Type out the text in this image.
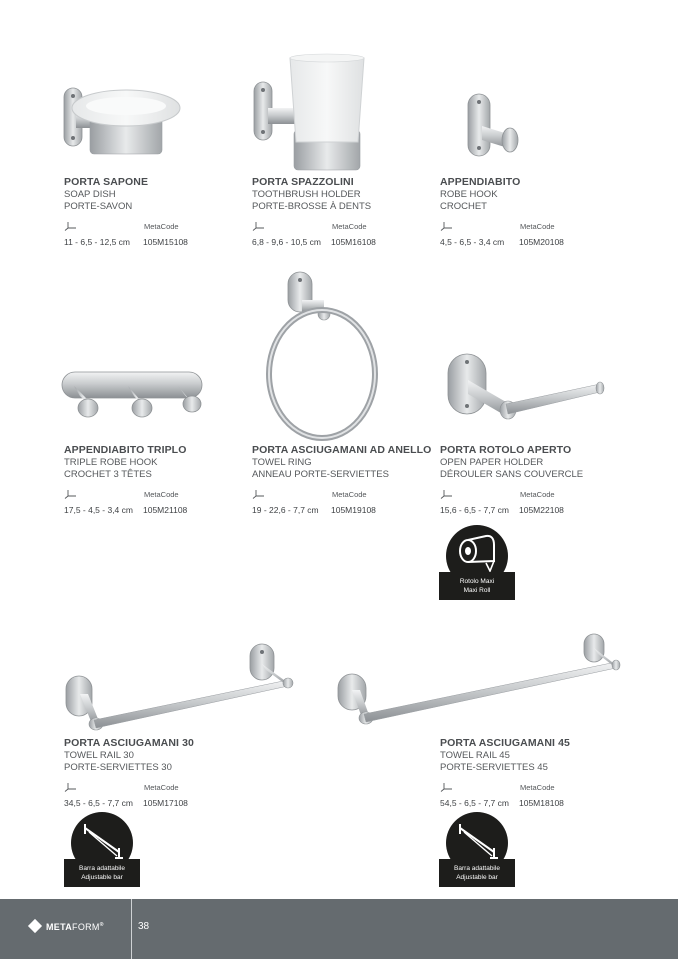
PORTA SAPONE
SOAP DISH
PORTE-SAVON
MetaCode
11 - 6,5 - 12,5 cm 105M15108
PORTA SPAZZOLINI
TOOTHBRUSH HOLDER
PORTE-BROSSE À DENTS
MetaCode
6,8 - 9,6 - 10,5 cm 105M16108
APPENDIABITO
ROBE HOOK
CROCHET
MetaCode
4,5 - 6,5 - 3,4 cm 105M20108
APPENDIABITO TRIPLO
TRIPLE ROBE HOOK
CROCHET 3 TÊTES
MetaCode
17,5 - 4,5 - 3,4 cm 105M21108
PORTA ASCIUGAMANI AD ANELLO
TOWEL RING
ANNEAU PORTE-SERVIETTES
MetaCode
19 - 22,6 - 7,7 cm 105M19108
PORTA ROTOLO APERTO
OPEN PAPER HOLDER
DÉROULER SANS COUVERCLE
MetaCode
15,6 - 6,5 - 7,7 cm 105M22108
Rotolo Maxi
Maxi Roll
PORTA ASCIUGAMANI 30
TOWEL RAIL 30
PORTE-SERVIETTES 30
MetaCode
34,5 - 6,5 - 7,7 cm 105M17108
PORTA ASCIUGAMANI 45
TOWEL RAIL 45
PORTE-SERVIETTES 45
MetaCode
54,5 - 6,5 - 7,7 cm 105M18108
Barra adattabile
Adjustable bar
Barra adattabile
Adjustable bar
METAFORM®	38
